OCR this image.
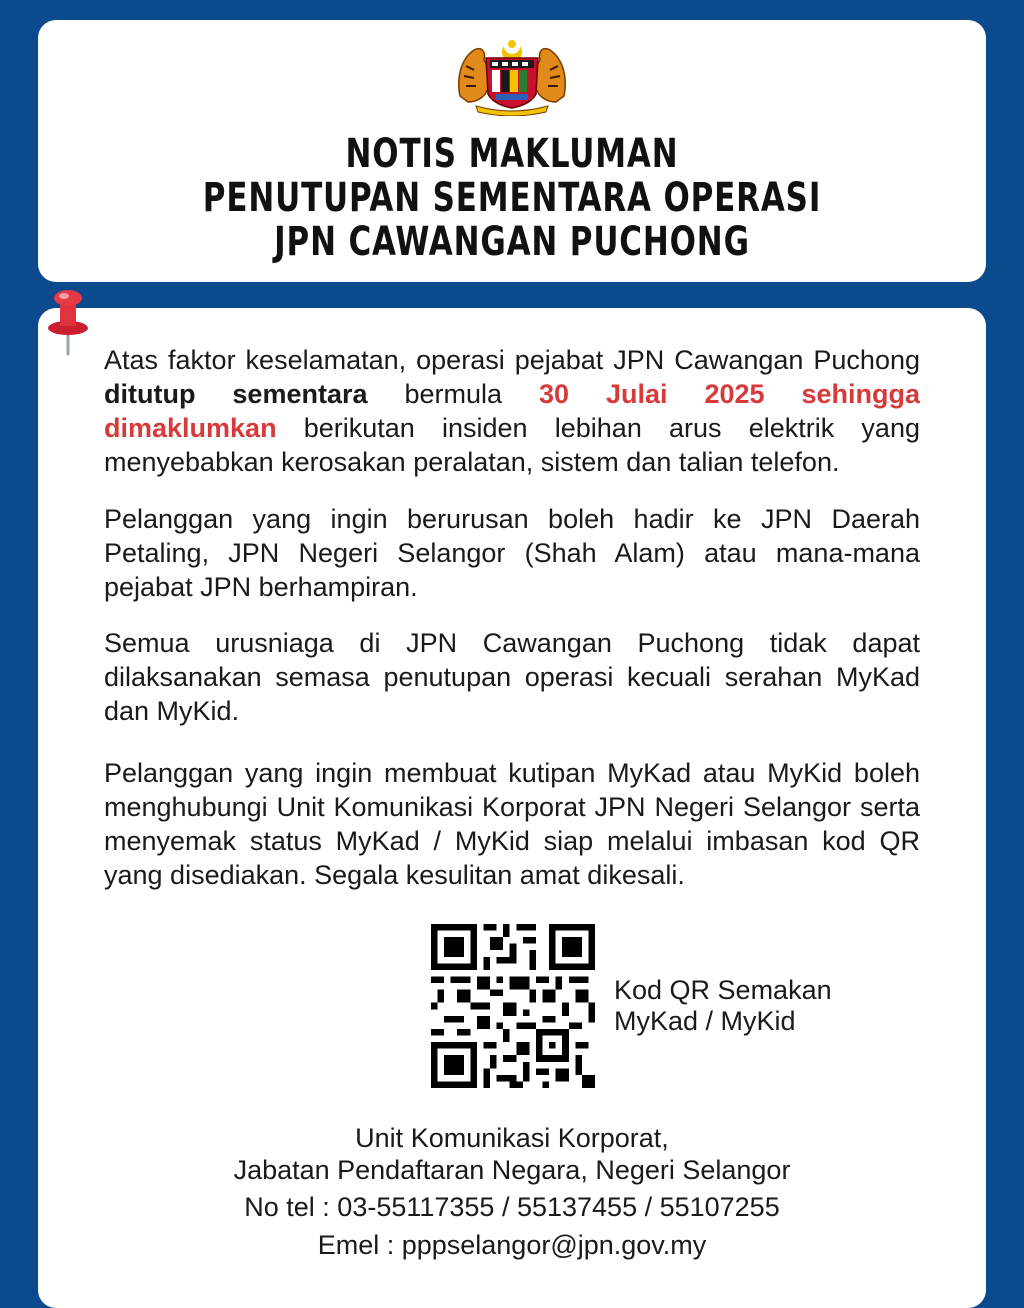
NOTIS MAKLUMAN
PENUTUPAN SEMENTARA OPERASI
JPN CAWANGAN PUCHONG

Atas faktor keselamatan, operasi pejabat JPN Cawangan Puchong ditutup sementara bermula 30 Julai 2025 sehingga dimaklumkan berikutan insiden lebihan arus elektrik yang menyebabkan kerosakan peralatan, sistem dan talian telefon.

Pelanggan yang ingin berurusan boleh hadir ke JPN Daerah Petaling, JPN Negeri Selangor (Shah Alam) atau mana-mana pejabat JPN berhampiran.

Semua urusniaga di JPN Cawangan Puchong tidak dapat dilaksanakan semasa penutupan operasi kecuali serahan MyKad dan MyKid.

Pelanggan yang ingin membuat kutipan MyKad atau MyKid boleh menghubungi Unit Komunikasi Korporat JPN Negeri Selangor serta menyemak status MyKad / MyKid siap melalui imbasan kod QR yang disediakan. Segala kesulitan amat dikesali.

Kod QR Semakan
MyKad / MyKid
Unit Komunikasi Korporat,
Jabatan Pendaftaran Negara, Negeri Selangor
No tel : 03-55117355 / 55137455 / 55107255
Emel : pppselangor@jpn.gov.my
